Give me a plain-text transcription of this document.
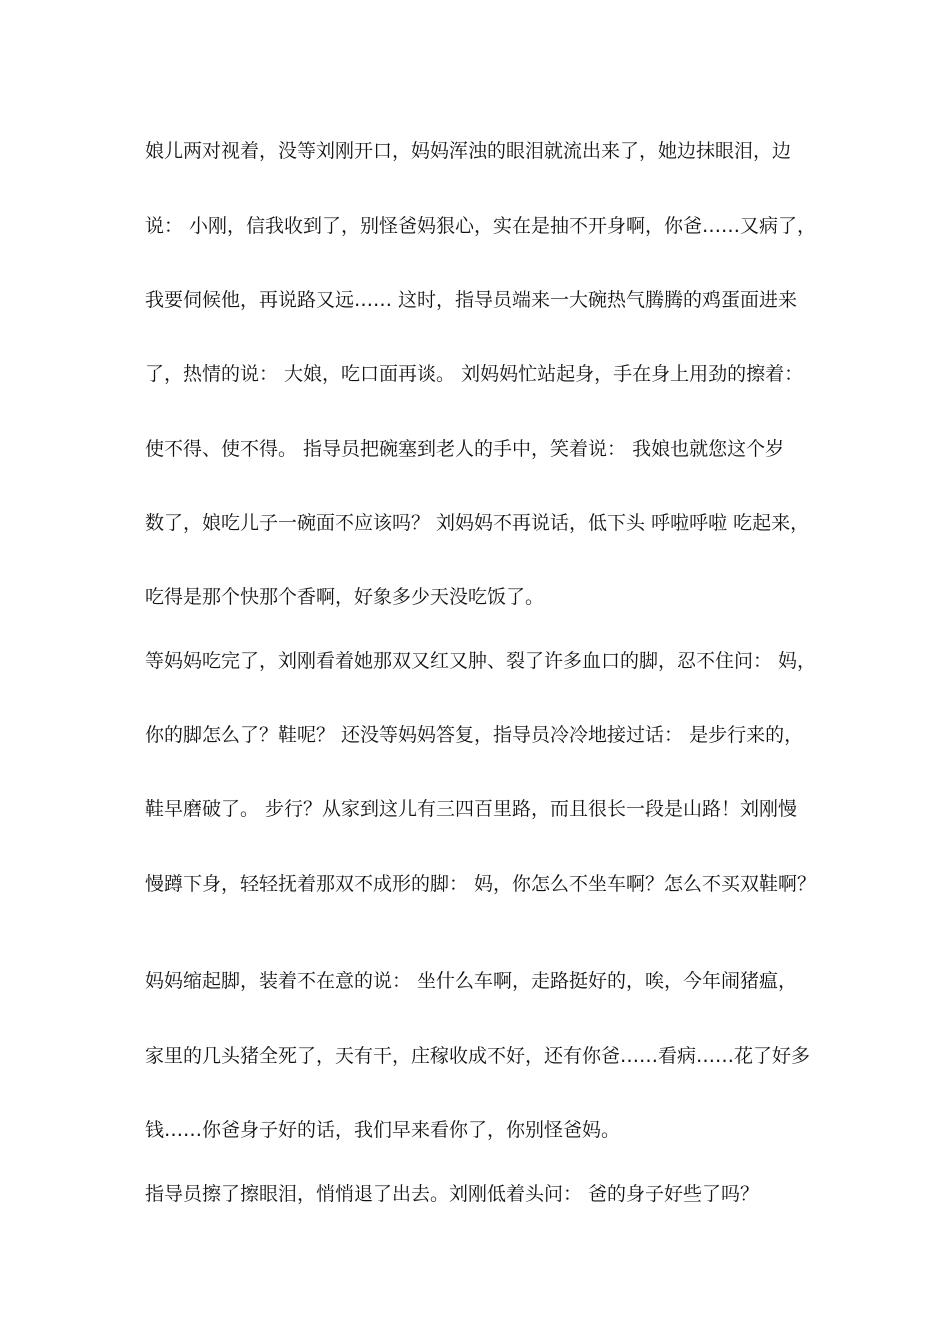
娘儿两对视着，没等刘刚开口，妈妈浑浊的眼泪就流出来了，她边抹眼泪，边
说： 小刚，信我收到了，别怪爸妈狠心，实在是抽不开身啊，你爸……又病了，
我要伺候他，再说路又远…… 这时，指导员端来一大碗热气腾腾的鸡蛋面进来
了，热情的说： 大娘，吃口面再谈。 刘妈妈忙站起身，手在身上用劲的擦着：
使不得、使不得。 指导员把碗塞到老人的手中，笑着说： 我娘也就您这个岁
数了，娘吃儿子一碗面不应该吗？ 刘妈妈不再说话，低下头 呼啦呼啦 吃起来，
吃得是那个快那个香啊，好象多少天没吃饭了。
等妈妈吃完了，刘刚看着她那双又红又肿、裂了许多血口的脚，忍不住问： 妈，
你的脚怎么了？鞋呢？ 还没等妈妈答复，指导员冷冷地接过话： 是步行来的，
鞋早磨破了。 步行？从家到这儿有三四百里路，而且很长一段是山路！刘刚慢
慢蹲下身，轻轻抚着那双不成形的脚： 妈，你怎么不坐车啊？怎么不买双鞋啊？
妈妈缩起脚，装着不在意的说： 坐什么车啊，走路挺好的，唉，今年闹猪瘟，
家里的几头猪全死了，天有干，庄稼收成不好，还有你爸……看病……花了好多
钱……你爸身子好的话，我们早来看你了，你别怪爸妈。
指导员擦了擦眼泪，悄悄退了出去。刘刚低着头问： 爸的身子好些了吗？
